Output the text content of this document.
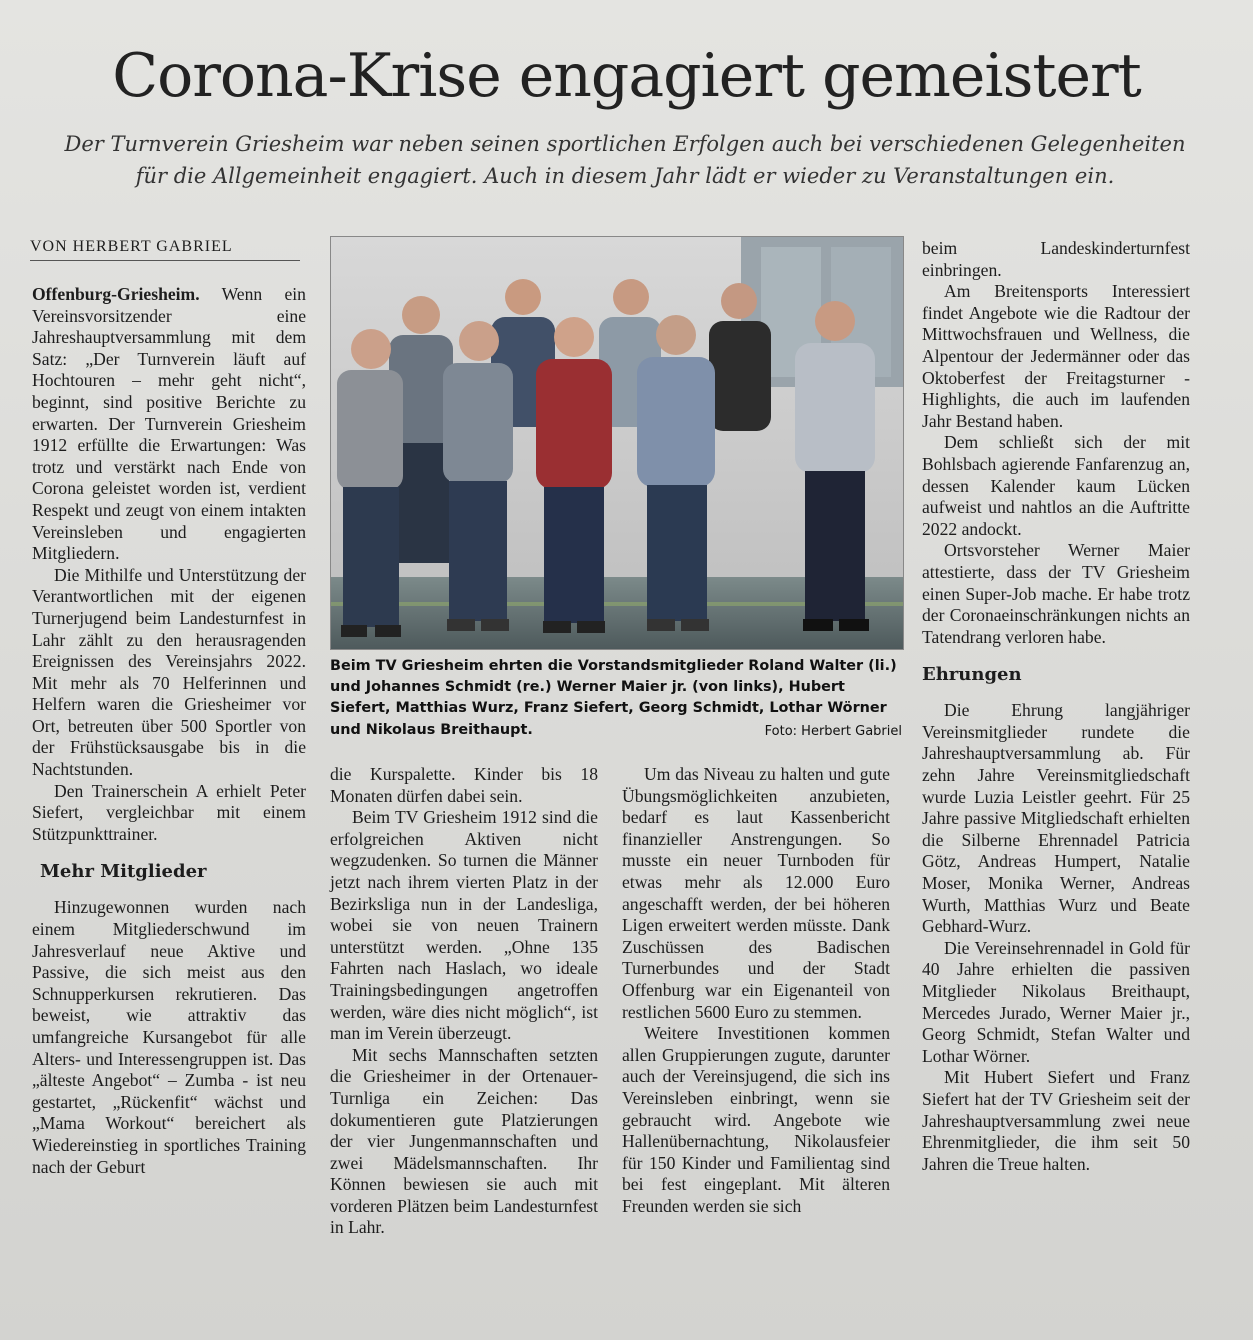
Corona-Krise engagiert gemeistert
Der Turnverein Griesheim war neben seinen sportlichen Erfolgen auch bei verschiedenen Gelegenheiten für die Allgemeinheit engagiert. Auch in diesem Jahr lädt er wieder zu Veranstaltungen ein.
VON HERBERT GABRIEL

Offenburg-Griesheim. Wenn ein Vereinsvorsitzender eine Jahreshauptversammlung mit dem Satz: „Der Turnverein läuft auf Hochtouren – mehr geht nicht“, beginnt, sind positive Berichte zu erwarten. Der Turnverein Griesheim 1912 erfüllte die Erwartungen: Was trotz und verstärkt nach Ende von Corona geleistet worden ist, verdient Respekt und zeugt von einem intakten Vereinsleben und engagierten Mitgliedern.

Die Mithilfe und Unterstützung der Verantwortlichen mit der eigenen Turnerjugend beim Landesturnfest in Lahr zählt zu den herausragenden Ereignissen des Vereinsjahrs 2022. Mit mehr als 70 Helferinnen und Helfern waren die Griesheimer vor Ort, betreuten über 500 Sportler von der Frühstücksausgabe bis in die Nachtstunden.

Den Trainerschein A erhielt Peter Siefert, vergleichbar mit einem Stützpunkttrainer.

Mehr Mitglieder

Hinzugewonnen wurden nach einem Mitgliederschwund im Jahresverlauf neue Aktive und Passive, die sich meist aus den Schnupperkursen rekrutieren. Das beweist, wie attraktiv das umfangreiche Kursangebot für alle Alters- und Interessengruppen ist. Das „älteste Angebot“ – Zumba - ist neu gestartet, „Rückenfit“ wächst und „Mama Workout“ bereichert als Wiedereinstieg in sportliches Training nach der Geburt

Beim TV Griesheim ehrten die Vorstandsmitglieder Roland Walter (li.) und Johannes Schmidt (re.) Werner Maier jr. (von links), Hubert Siefert, Matthias Wurz, Franz Siefert, Georg Schmidt, Lothar Wörner und Nikolaus Breithaupt.	Foto: Herbert Gabriel

die Kurspalette. Kinder bis 18 Monaten dürfen dabei sein.

Beim TV Griesheim 1912 sind die erfolgreichen Aktiven nicht wegzudenken. So turnen die Männer jetzt nach ihrem vierten Platz in der Bezirksliga nun in der Landesliga, wobei sie von neuen Trainern unterstützt werden. „Ohne 135 Fahrten nach Haslach, wo ideale Trainingsbedingungen angetroffen werden, wäre dies nicht möglich“, ist man im Verein überzeugt.

Mit sechs Mannschaften setzten die Griesheimer in der Ortenauer-Turnliga ein Zeichen: Das dokumentieren gute Platzierungen der vier Jungenmannschaften und zwei Mädelsmannschaften. Ihr Können bewiesen sie auch mit vorderen Plätzen beim Landesturnfest in Lahr.

Um das Niveau zu halten und gute Übungsmöglichkeiten anzubieten, bedarf es laut Kassenbericht finanzieller Anstrengungen. So musste ein neuer Turnboden für etwas mehr als 12.000 Euro angeschafft werden, der bei höheren Ligen erweitert werden müsste. Dank Zuschüssen des Badischen Turnerbundes und der Stadt Offenburg war ein Eigenanteil von restlichen 5600 Euro zu stemmen.

Weitere Investitionen kommen allen Gruppierungen zugute, darunter auch der Vereinsjugend, die sich ins Vereinsleben einbringt, wenn sie gebraucht wird. Angebote wie Hallenübernachtung, Nikolausfeier für 150 Kinder und Familientag sind bei fest eingeplant. Mit älteren Freunden werden sie sich

beim Landeskinderturnfest einbringen.

Am Breitensports Interessiert findet Angebote wie die Radtour der Mittwochsfrauen und Wellness, die Alpentour der Jedermänner oder das Oktoberfest der Freitagsturner - Highlights, die auch im laufenden Jahr Bestand haben.

Dem schließt sich der mit Bohlsbach agierende Fanfarenzug an, dessen Kalender kaum Lücken aufweist und nahtlos an die Auftritte 2022 andockt.

Ortsvorsteher Werner Maier attestierte, dass der TV Griesheim einen Super-Job mache. Er habe trotz der Coronaeinschränkungen nichts an Tatendrang verloren habe.

Ehrungen

Die Ehrung langjähriger Vereinsmitglieder rundete die Jahreshauptversammlung ab. Für zehn Jahre Vereinsmitgliedschaft wurde Luzia Leistler geehrt. Für 25 Jahre passive Mitgliedschaft erhielten die Silberne Ehrennadel Patricia Götz, Andreas Humpert, Natalie Moser, Monika Werner, Andreas Wurth, Matthias Wurz und Beate Gebhard-Wurz.

Die Vereinsehrennadel in Gold für 40 Jahre erhielten die passiven Mitglieder Nikolaus Breithaupt, Mercedes Jurado, Werner Maier jr., Georg Schmidt, Stefan Walter und Lothar Wörner.

Mit Hubert Siefert und Franz Siefert hat der TV Griesheim seit der Jahreshauptversammlung zwei neue Ehrenmitglieder, die ihm seit 50 Jahren die Treue halten.
